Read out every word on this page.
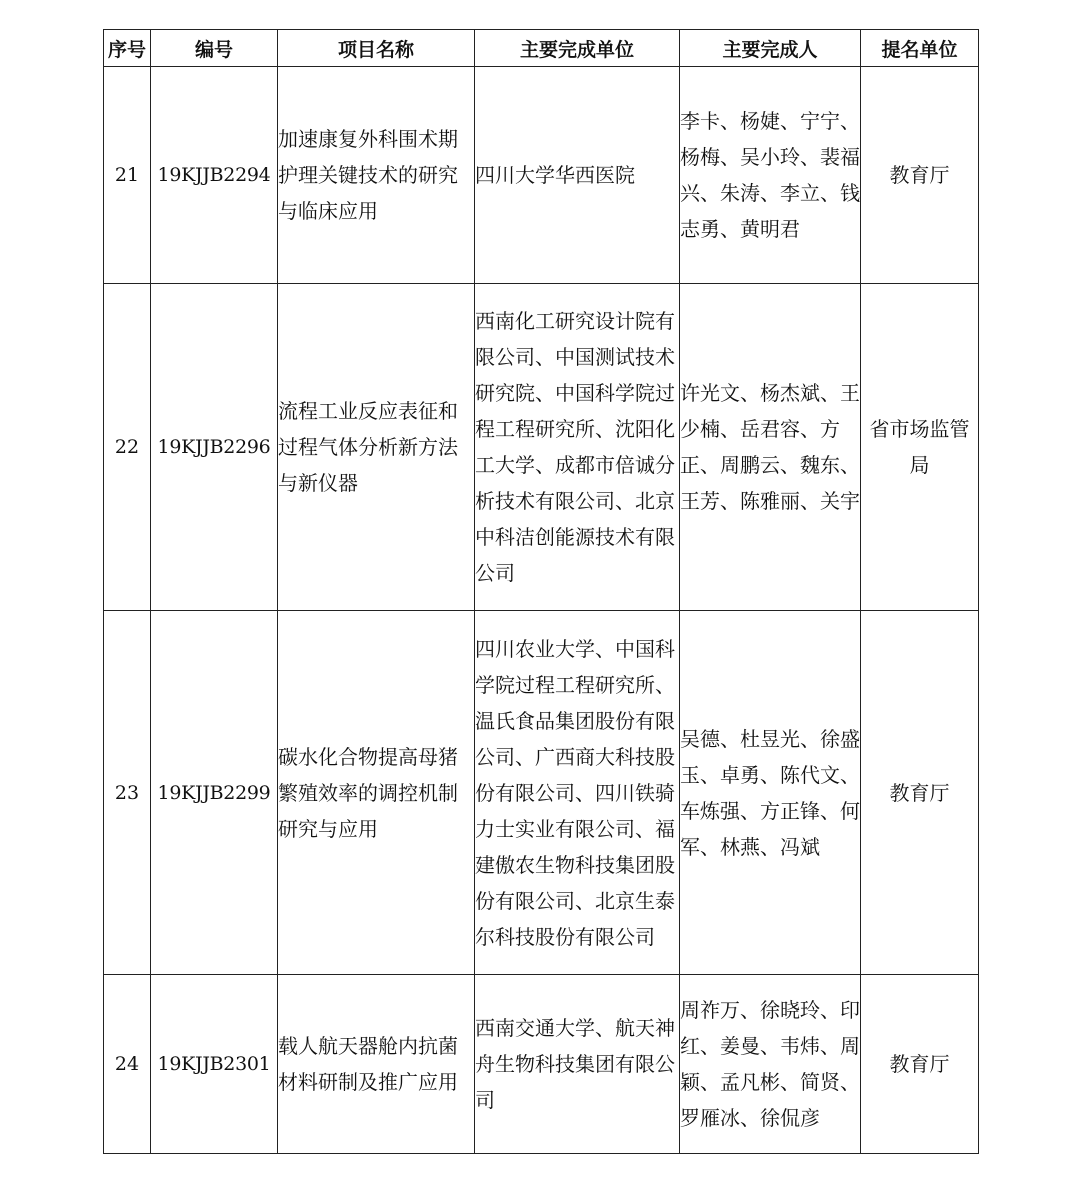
序号	编号	项目名称	主要完成单位	主要完成人	提名单位
21	19KJJB2294	加速康复外科围术期护理关键技术的研究与临床应用	四川大学华西医院	李卡、杨婕、宁宁、杨梅、吴小玲、裴福兴、朱涛、李立、钱志勇、黄明君	教育厅
22	19KJJB2296	流程工业反应表征和过程气体分析新方法与新仪器	西南化工研究设计院有限公司、中国测试技术研究院、中国科学院过程工程研究所、沈阳化工大学、成都市倍诚分析技术有限公司、北京中科洁创能源技术有限公司	许光文、杨杰斌、王少楠、岳君容、方正、周鹏云、魏东、王芳、陈雅丽、关宇	省市场监管局
23	19KJJB2299	碳水化合物提高母猪繁殖效率的调控机制研究与应用	四川农业大学、中国科学院过程工程研究所、温氏食品集团股份有限公司、广西商大科技股份有限公司、四川铁骑力士实业有限公司、福建傲农生物科技集团股份有限公司、北京生泰尔科技股份有限公司	吴德、杜昱光、徐盛玉、卓勇、陈代文、车炼强、方正锋、何军、林燕、冯斌	教育厅
24	19KJJB2301	载人航天器舱内抗菌材料研制及推广应用	西南交通大学、航天神舟生物科技集团有限公司	周祚万、徐晓玲、印红、姜曼、韦炜、周颖、孟凡彬、简贤、罗雁冰、徐侃彦	教育厅
